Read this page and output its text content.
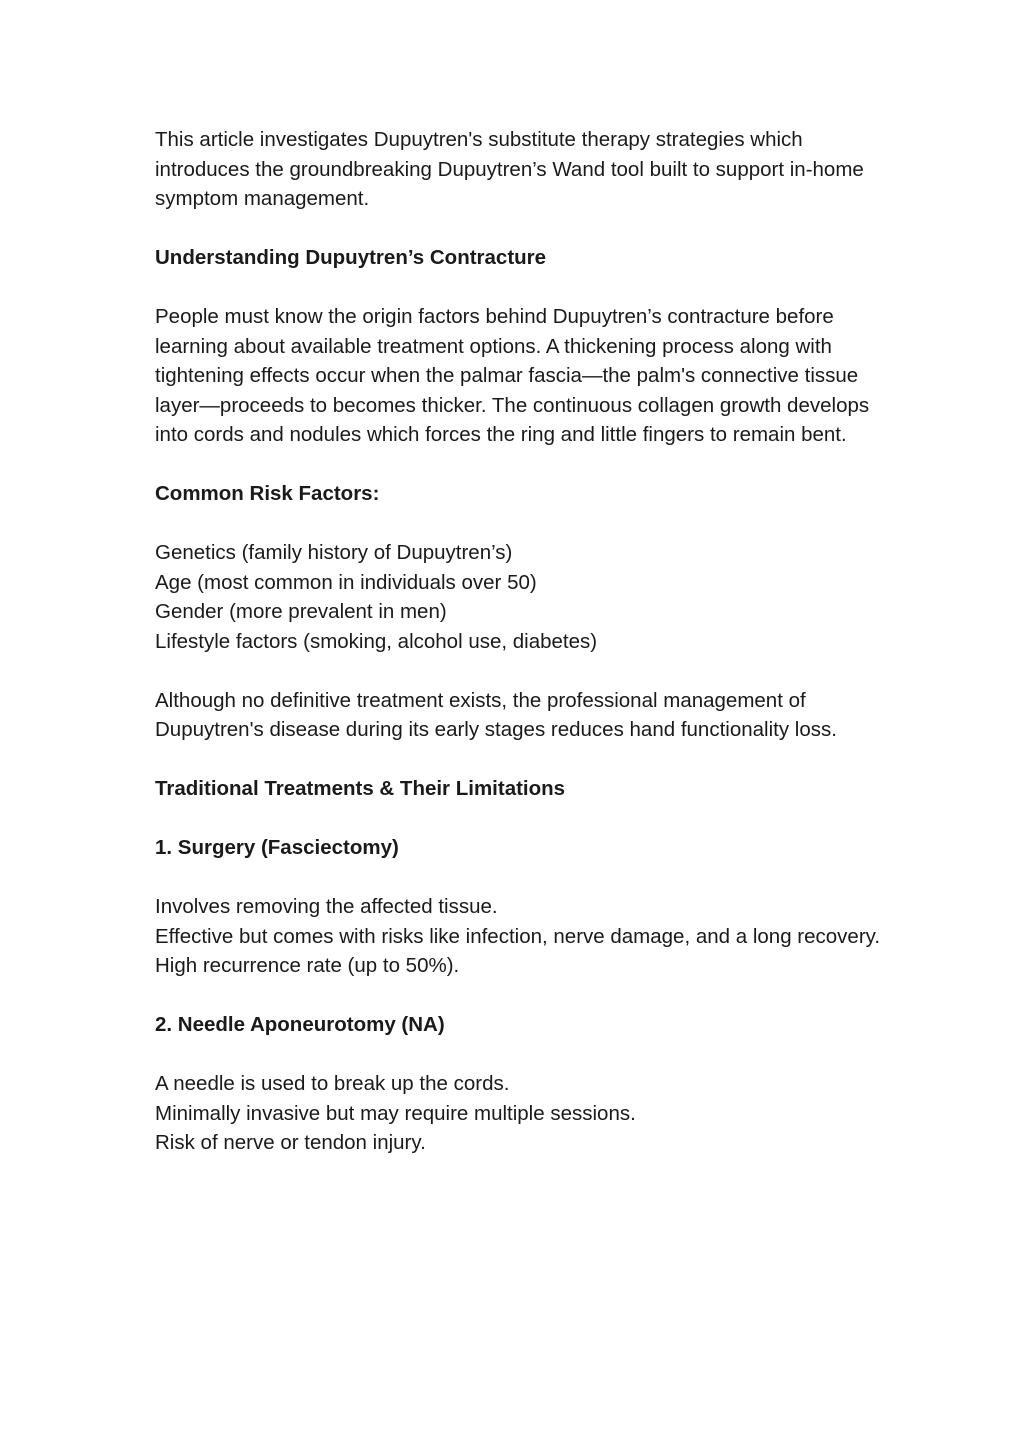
This article investigates Dupuytren's substitute therapy strategies which introduces the groundbreaking Dupuytren’s Wand tool built to support in-home symptom management.

Understanding Dupuytren’s Contracture

People must know the origin factors behind Dupuytren’s contracture before learning about available treatment options. A thickening process along with tightening effects occur when the palmar fascia—the palm's connective tissue layer—proceeds to becomes thicker. The continuous collagen growth develops into cords and nodules which forces the ring and little fingers to remain bent.

Common Risk Factors:

Genetics (family history of Dupuytren’s)
Age (most common in individuals over 50)
Gender (more prevalent in men)
Lifestyle factors (smoking, alcohol use, diabetes)

Although no definitive treatment exists, the professional management of Dupuytren's disease during its early stages reduces hand functionality loss.

Traditional Treatments & Their Limitations

1. Surgery (Fasciectomy)

Involves removing the affected tissue.
Effective but comes with risks like infection, nerve damage, and a long recovery.
High recurrence rate (up to 50%).

2. Needle Aponeurotomy (NA)

A needle is used to break up the cords.
Minimally invasive but may require multiple sessions.
Risk of nerve or tendon injury.
